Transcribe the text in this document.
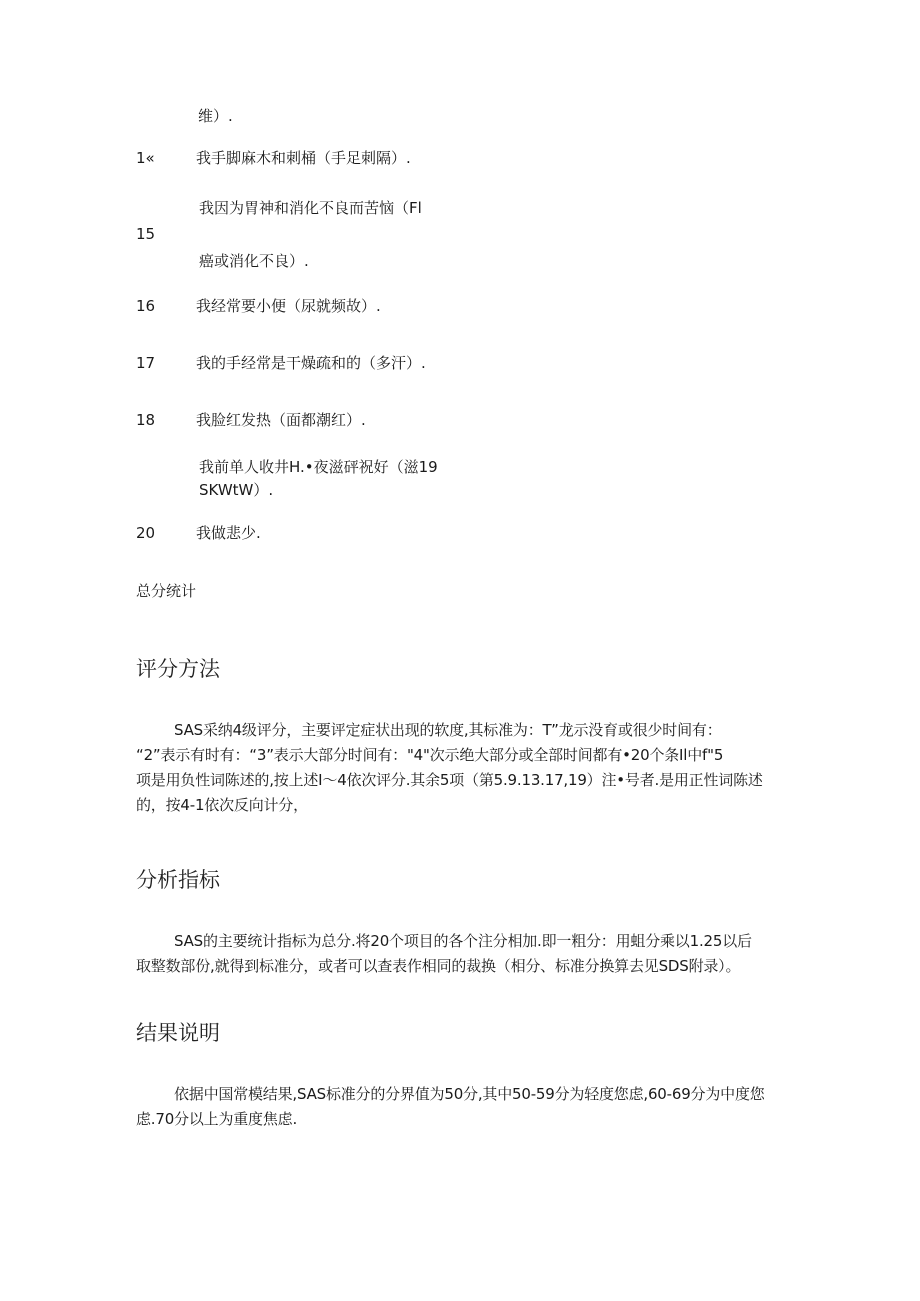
维）.
1«	我手脚麻木和刺桶（手足刺隔）.
我因为胃神和消化不良而苦恼（Fl
15
癌或消化不良）.
16	我经常要小便（尿就频故）.
17	我的手经常是干燥疏和的（多汗）.
18	我脸红发热（面都潮红）.
我前单人收井H.•夜滋砰祝好（滋19
SKWtW）.
20	我做悲少.
总分统计
评分方法
SAS采纳4级评分，主要评定症状出现的软度,其标准为：T”龙示没育或很少时间有：
“2”表示有时有：“3”表示大部分时间有："4"次示绝大部分或全部时间都有•20个条Il中f"5
项是用负性词陈述的,按上述I〜4依次评分.其余5项（第5.9.13.17,19）注•号者.是用正性词陈述
的，按4-1依次反向计分，
分析指标
SAS的主要统计指标为总分.将20个项目的各个注分相加.即一粗分：用蛆分乘以1.25以后
取整数部份,就得到标准分，或者可以查表作相同的裁换（相分、标准分换算去见SDS附录）。
结果说明
依据中国常模结果,SAS标准分的分界值为50分,其中50-59分为轻度您虑,60-69分为中度您
虑.70分以上为重度焦虑.
